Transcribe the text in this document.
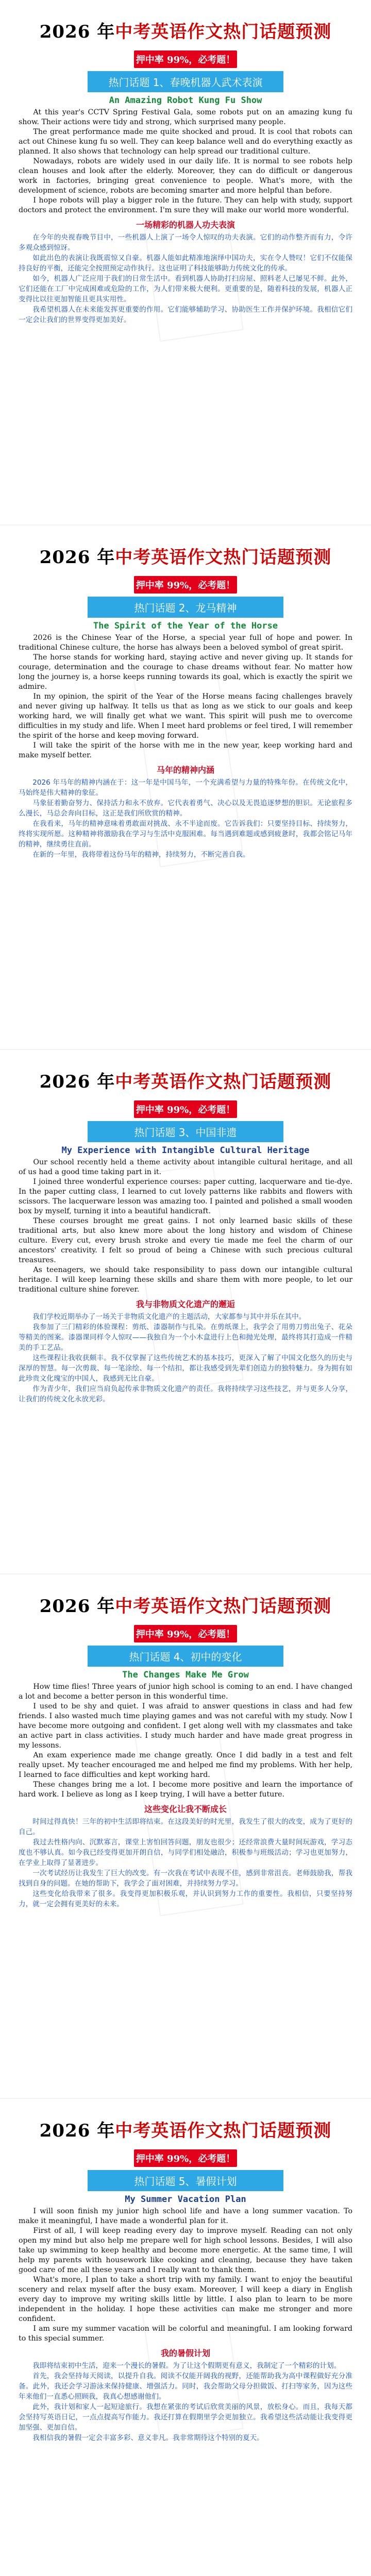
2026 年中考英语作文热门话题预测
押中率 99%，必考题！
热门话题 1、春晚机器人武术表演
An Amazing Robot Kung Fu Show

At this year's CCTV Spring Festival Gala, some robots put on an amazing kung fu show. Their actions were tidy and strong, which surprised many people.

The great performance made me quite shocked and proud. It is cool that robots can act out Chinese kung fu so well. They can keep balance well and do everything exactly as planned. It also shows that technology can help spread our traditional culture.

Nowadays, robots are widely used in our daily life. It is normal to see robots help clean houses and look after the elderly. Moreover, they can do difficult or dangerous work in factories, bringing great convenience to people. What's more, with the development of science, robots are becoming smarter and more helpful than before.

I hope robots will play a bigger role in the future. They can help with study, support doctors and protect the environment. I'm sure they will make our world more wonderful.

一场精彩的机器人功夫表演

在今年的央视春晚节目中，一些机器人上演了一场令人惊叹的功夫表演。它们的动作整齐而有力，令许多观众感到惊讶。

如此出色的表演让我既震惊又自豪。机器人能如此精准地演绎中国功夫，实在令人赞叹！它们不仅能保持良好的平衡，还能完全按照预定动作执行。这也证明了科技能够助力传统文化的传承。

如今，机器人广泛应用于我们的日常生活中。看到机器人协助打扫房屋、照料老人已屡见不鲜。此外，它们还能在工厂中完成困难或危险的工作，为人们带来极大便利。更重要的是，随着科技的发展，机器人正变得比以往更加智能且更具实用性。

我希望机器人在未来能发挥更重要的作用。它们能够辅助学习、协助医生工作并保护环境。我相信它们一定会让我们的世界变得更加美好。

2026 年中考英语作文热门话题预测
押中率 99%，必考题！
热门话题 2、龙马精神
The Spirit of the Year of the Horse

2026 is the Chinese Year of the Horse, a special year full of hope and power. In traditional Chinese culture, the horse has always been a beloved symbol of great spirit.

The horse stands for working hard, staying active and never giving up. It stands for courage, determination and the courage to chase dreams without fear. No matter how long the journey is, a horse keeps running towards its goal, which is exactly the spirit we admire.

In my opinion, the spirit of the Year of the Horse means facing challenges bravely and never giving up halfway. It tells us that as long as we stick to our goals and keep working hard, we will finally get what we want. This spirit will push me to overcome difficulties in my study and life. When I meet hard problems or feel tired, I will remember the spirit of the horse and keep moving forward.

I will take the spirit of the horse with me in the new year, keep working hard and make myself better.

马年的精神内涵

2026 年马年的精神内涵在于：这一年是中国马年，一个充满希望与力量的特殊年份。在传统文化中，马始终是伟大精神的象征。

马象征着勤奋努力、保持活力和永不放弃。它代表着勇气、决心以及无畏追逐梦想的胆识。无论旅程多么漫长，马总会奔向目标，这正是我们所欣赏的精神。

在我看来，马年的精神意味着勇敢面对挑战、永不半途而废。它告诉我们：只要坚持目标、持续努力，终将实现所愿。这种精神将激励我在学习与生活中克服困难。每当遇到难题或感到疲惫时，我都会铭记马年的精神，继续勇往直前。

在新的一年里，我将带着这份马年的精神，持续努力，不断完善自我。

2026 年中考英语作文热门话题预测
押中率 99%，必考题！
热门话题 3、中国非遗
My Experience with Intangible Cultural Heritage

Our school recently held a theme activity about intangible cultural heritage, and all of us had a good time taking part in it.

I joined three wonderful experience courses: paper cutting, lacquerware and tie-dye. In the paper cutting class, I learned to cut lovely patterns like rabbits and flowers with scissors. The lacquerware lesson was amazing too. I painted and polished a small wooden box by myself, turning it into a beautiful handicraft.

These courses brought me great gains. I not only learned basic skills of these traditional arts, but also knew more about the long history and wisdom of Chinese culture. Every cut, every brush stroke and every tie made me feel the charm of our ancestors' creativity. I felt so proud of being a Chinese with such precious cultural treasures.

As teenagers, we should take responsibility to pass down our intangible cultural heritage. I will keep learning these skills and share them with more people, to let our traditional culture shine forever.

我与非物质文化遗产的邂逅

我们学校近期举办了一场关于非物质文化遗产的主题活动，大家都参与其中并乐在其中。

我参加了三门精彩的体验课程：剪纸、漆器制作与扎染。在剪纸课上，我学会了用剪刀剪出兔子、花朵等精美的图案。漆器课同样令人惊叹——我独自为一个小木盒进行上色和抛光处理，最终将其打造成一件精美的手工艺品。

这些课程让我收获颇丰。我不仅掌握了这些传统艺术的基本技巧，更深入了解了中国文化悠久的历史与深厚的智慧。每一次剪裁、每一笔涂绘、每一个结扣，都让我感受到先辈们创造力的独特魅力。身为拥有如此珍贵文化瑰宝的中国人，我感到无比自豪。

作为青少年，我们应当肩负起传承非物质文化遗产的责任。我将持续学习这些技艺，并与更多人分享，让我们的传统文化永放光彩。

2026 年中考英语作文热门话题预测
押中率 99%，必考题！
热门话题 4、初中的变化
The Changes Make Me Grow

How time flies! Three years of junior high school is coming to an end. I have changed a lot and become a better person in this wonderful time.

I used to be shy and quiet. I was afraid to answer questions in class and had few friends. I also wasted much time playing games and was not careful with my study. Now I have become more outgoing and confident. I get along well with my classmates and take an active part in class activities. I study much harder and have made great progress in my lessons.

An exam experience made me change greatly. Once I did badly in a test and felt really upset. My teacher encouraged me and helped me find my problems. With her help, I learned to face difficulties and kept working hard.

These changes bring me a lot. I become more positive and learn the importance of hard work. I believe as long as I keep trying, I will have a better future.

这些变化让我不断成长

时间过得真快！三年的初中生活即将结束。在这段美好的时光里，我发生了很大的改变，成为了更好的自己。

我过去性格内向、沉默寡言，课堂上害怕回答问题，朋友也很少；还经常浪费大量时间玩游戏，学习态度也不够认真。如今我已经变得更加开朗自信，与同学们相处融洽，积极参与班级活动；学习也更加努力，在学业上取得了显著进步。

一次考试经历让我发生了巨大的改变。有一次我在考试中表现不佳，感到非常沮丧。老师鼓励我，帮我找到自身的问题。在她的帮助下，我学会了面对困难，并持续努力学习。

这些变化给我带来了很多。我变得更加积极乐观，并认识到努力工作的重要性。我相信，只要坚持努力，就一定会拥有更美好的未来。

2026 年中考英语作文热门话题预测
押中率 99%，必考题！
热门话题 5、暑假计划
My Summer Vacation Plan

I will soon finish my junior high school life and have a long summer vacation. To make it meaningful, I have made a wonderful plan for it.

First of all, I will keep reading every day to improve myself. Reading can not only open my mind but also help me prepare well for high school lessons. Besides, I will also take up swimming to keep healthy and become more energetic. At the same time, I will help my parents with housework like cooking and cleaning, because they have taken good care of me all these years and I really want to thank them.

What's more, I plan to take a short trip with my family. I want to enjoy the beautiful scenery and relax myself after the busy exam. Moreover, I will keep a diary in English every day to improve my writing skills little by little. I also plan to learn to be more independent in the holiday. I hope these activities can make me stronger and more confident.

I am sure my summer vacation will be colorful and meaningful. I am looking forward to this special summer.

我的暑假计划

我即将结束初中生活，迎来一个漫长的暑假。为了让这个假期更有意义，我制定了一个精彩的计划。

首先，我会坚持每天阅读，以提升自我。阅读不仅能开阔我的视野，还能帮助我为高中课程做好充分准备。此外，我还会学习游泳来保持健康、增强活力。同时，我会帮助父母分担做饭、打扫等家务，因为这些年来他们一直悉心照顾我，我真心想感谢他们。

此外，我计划和家人一起短途旅行。我想在紧张的考试后欣赏美丽的风景，放松身心。而且，我每天都会坚持写英语日记，一点点提高写作能力。我还打算在假期里学会更加独立。我希望这些活动能让我变得更加坚强、更加自信。

我相信我的暑假一定会丰富多彩、意义非凡。我非常期待这个特别的夏天。
